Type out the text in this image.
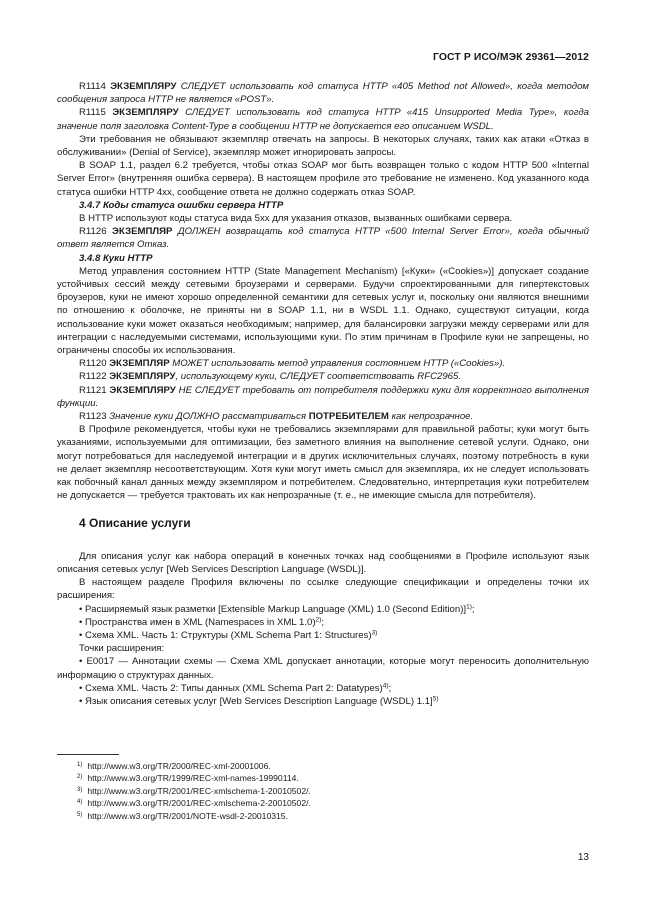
ГОСТ Р ИСО/МЭК 29361—2012

R1114 ЭКЗЕМПЛЯРУ СЛЕДУЕТ использовать код статуса HTTP «405 Method not Allowed», когда методом сообщения запроса HTTP не является «POST».

R1115 ЭКЗЕМПЛЯРУ СЛЕДУЕТ использовать код статуса HTTP «415 Unsupported Media Type», когда значение поля заголовка Content-Type в сообщении HTTP не допускается его описанием WSDL.

Эти требования не обязывают экземпляр отвечать на запросы. В некоторых случаях, таких как атаки «Отказ в обслуживании» (Denial of Service), экземпляр может игнорировать запросы.

В SOAP 1.1, раздел 6.2 требуется, чтобы отказ SOAP мог быть возвращен только с кодом HTTP 500 «Internal Server Error» (внутренняя ошибка сервера). В настоящем профиле это требование не изменено. Код указанного кода статуса ошибки HTTP 4xx, сообщение ответа не должно содержать отказ SOAP.

3.4.7 Коды статуса ошибки сервера HTTP

В HTTP используют коды статуса вида 5xx для указания отказов, вызванных ошибками сервера.

R1126 ЭКЗЕМПЛЯР ДОЛЖЕН возвращать код статуса HTTP «500 Internal Server Error», когда обычный ответ является Отказ.

3.4.8 Куки HTTP

Метод управления состоянием HTTP (State Management Mechanism) [«Куки» («Cookies»)] допускает создание устойчивых сессий между сетевыми броузерами и серверами. Будучи спроектированными для гипертекстовых броузеров, куки не имеют хорошо определенной семантики для сетевых услуг и, поскольку они являются внешними по отношению к оболочке, не приняты ни в SOAP 1.1, ни в WSDL 1.1. Однако, существуют ситуации, когда использование куки может оказаться необходимым; например, для балансировки загрузки между серверами или для интеграции с наследуемыми системами, использующими куки. По этим причинам в Профиле куки не запрещены, но ограничены способы их использования.

R1120 ЭКЗЕМПЛЯР МОЖЕТ использовать метод управления состоянием HTTP («Cookies»).

R1122 ЭКЗЕМПЛЯРУ, использующему куки, СЛЕДУЕТ соответствовать RFC2965.

R1121 ЭКЗЕМПЛЯРУ НЕ СЛЕДУЕТ требовать от потребителя поддержки куки для корректного выполнения функции.

R1123 Значение куки ДОЛЖНО рассматриваться ПОТРЕБИТЕЛЕМ как непрозрачное.

В Профиле рекомендуется, чтобы куки не требовались экземплярами для правильной работы; куки могут быть указаниями, используемыми для оптимизации, без заметного влияния на выполнение сетевой услуги. Однако, они могут потребоваться для наследуемой интеграции и в других исключительных случаях, поэтому потребность в куки не делает экземпляр несоответствующим. Хотя куки могут иметь смысл для экземпляра, их не следует использовать как побочный канал данных между экземпляром и потребителем. Следовательно, интерпретация куки потребителем не допускается — требуется трактовать их как непрозрачные (т. е., не имеющие смысла для потребителя).

4 Описание услуги

Для описания услуг как набора операций в конечных точках над сообщениями в Профиле используют язык описания сетевых услуг [Web Services Description Language (WSDL)].

В настоящем разделе Профиля включены по ссылке следующие спецификации и определены точки их расширения:

• Расширяемый язык разметки [Extensible Markup Language (XML) 1.0 (Second Edition)]$^{1)}$;

• Пространства имен в XML (Namespaces in XML 1.0)$^{2)}$;

• Схема XML. Часть 1: Структуры (XML Schema Part 1: Structures)$^{3)}$

Точки расширения:

• E0017 — Аннотации схемы — Схема XML допускает аннотации, которые могут переносить дополнительную информацию о структурах данных.

• Схема XML. Часть 2: Типы данных (XML Schema Part 2: Datatypes)$^{4)}$;

• Язык описания сетевых услуг [Web Services Description Language (WSDL) 1.1]$^{5)}$

$^{1)}$ http://www.w3.org/TR/2000/REC-xml-20001006.
$^{2)}$ http://www.w3.org/TR/1999/REC-xml-names-19990114.
$^{3)}$ http://www.w3.org/TR/2001/REC-xmlschema-1-20010502/.
$^{4)}$ http://www.w3.org/TR/2001/REC-xmlschema-2-20010502/.
$^{5)}$ http://www.w3.org/TR/2001/NOTE-wsdl-2-20010315.
13
